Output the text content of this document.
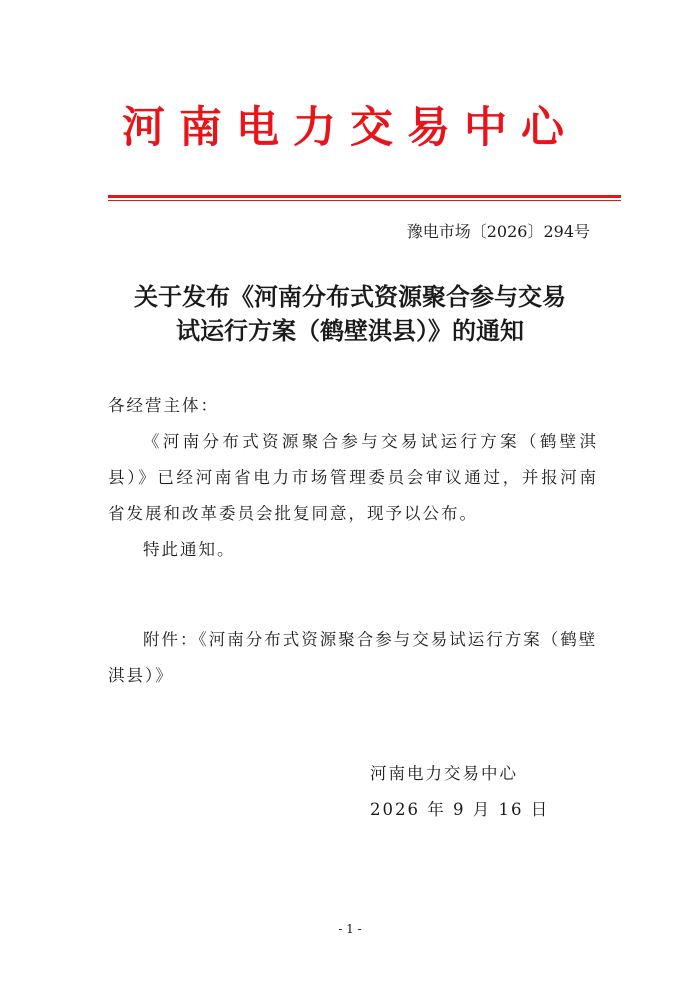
河南电力交易中心
豫电市场〔2026〕294号
关于发布《河南分布式资源聚合参与交易
试运行方案（鹤壁淇县）》的通知
各经营主体：
《河南分布式资源聚合参与交易试运行方案（鹤壁淇县）》已经河南省电力市场管理委员会审议通过，并报河南省发展和改革委员会批复同意，现予以公布。
特此通知。
附件：《河南分布式资源聚合参与交易试运行方案（鹤壁淇县）》
河南电力交易中心
2026 年 9 月 16 日
- 1 -
